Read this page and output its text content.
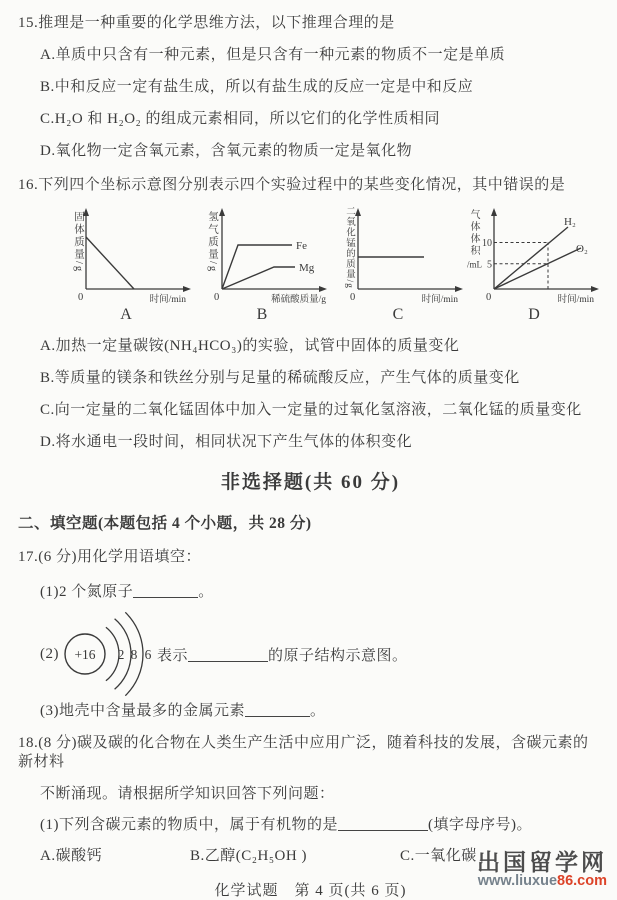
15.推理是一种重要的化学思维方法，以下推理合理的是
A.单质中只含有一种元素，但是只含有一种元素的物质不一定是单质
B.中和反应一定有盐生成，所以有盐生成的反应一定是中和反应
C.H₂O 和 H₂O₂ 的组成元素相同，所以它们的化学性质相同
D.氧化物一定含氧元素，含氧元素的物质一定是氧化物
16.下列四个坐标示意图分别表示四个实验过程中的某些变化情况，其中错误的是
固体质量/g
0	时间/min
A
氢气质量/g	Fe
Mg
0	稀硫酸质量/g
B
二氧化锰的质量/g
0	时间/min
C
气体体积 10
5
/mL
H₂
O₂
0	时间/min
D
A.加热一定量碳铵(NH₄HCO₃)的实验，试管中固体的质量变化
B.等质量的镁条和铁丝分别与足量的稀硫酸反应，产生气体的质量变化
C.向一定量的二氧化锰固体中加入一定量的过氧化氢溶液，二氧化锰的质量变化
D.将水通电一段时间，相同状况下产生气体的体积变化
非选择题(共 60 分)
二、填空题(本题包括 4 个小题，共 28 分)
17.(6 分)用化学用语填空：
(1)2 个氮原子	。
(2) +16 2 8 6 表示	的原子结构示意图。
(3)地壳中含量最多的金属元素	。
18.(8 分)碳及碳的化合物在人类生产生活中应用广泛，随着科技的发展，含碳元素的新材料
不断涌现。请根据所学知识回答下列问题：
(1)下列含碳元素的物质中，属于有机物的是	(填字母序号)。
A.碳酸钙	B.乙醇(C₂H₅OH )	C.一氧化碳
化学试题　第 4 页(共 6 页)
出国留学网
www.liuxue86.com
